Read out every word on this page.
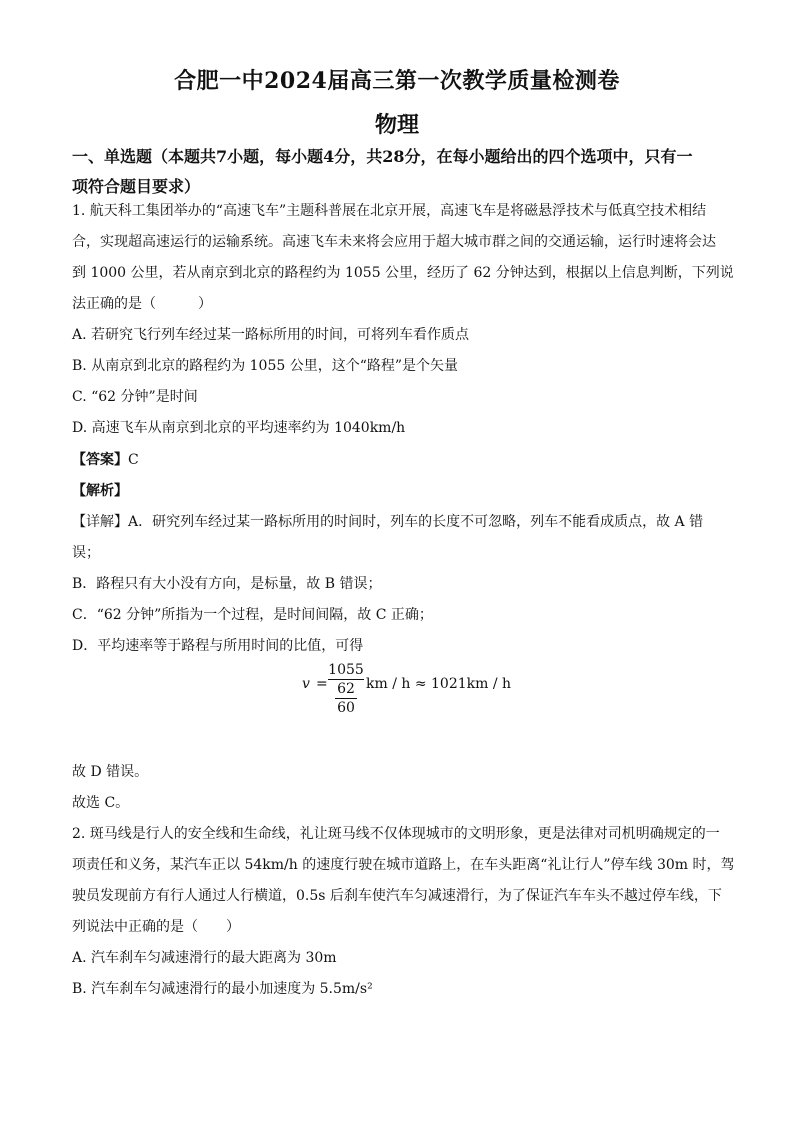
合肥一中2024届高三第一次教学质量检测卷
物理
一、单选题（本题共7小题，每小题4分，共28分，在每小题给出的四个选项中，只有一
项符合题目要求）
1. 航天科工集团举办的“高速飞车”主题科普展在北京开展，高速飞车是将磁悬浮技术与低真空技术相结
合，实现超高速运行的运输系统。高速飞车未来将会应用于超大城市群之间的交通运输，运行时速将会达
到 1000 公里，若从南京到北京的路程约为 1055 公里，经历了 62 分钟达到，根据以上信息判断，下列说
法正确的是（　　　）
A. 若研究飞行列车经过某一路标所用的时间，可将列车看作质点
B. 从南京到北京的路程约为 1055 公里，这个“路程”是个矢量
C. “62 分钟”是时间
D. 高速飞车从南京到北京的平均速率约为 1040km/h
【答案】C
【解析】
【详解】A．研究列车经过某一路标所用的时间时，列车的长度不可忽略，列车不能看成质点，故 A 错
误；
B．路程只有大小没有方向，是标量，故 B 错误；
C．“62 分钟”所指为一个过程，是时间间隔，故 C 正确；
D．平均速率等于路程与所用时间的比值，可得
v =
1055
62
60
km / h ≈ 1021km / h
故 D 错误。
故选 C。
2. 斑马线是行人的安全线和生命线，礼让斑马线不仅体现城市的文明形象，更是法律对司机明确规定的一
项责任和义务，某汽车正以 54km/h 的速度行驶在城市道路上，在车头距离“礼让行人”停车线 30m 时，驾
驶员发现前方有行人通过人行横道，0.5s 后刹车使汽车匀减速滑行，为了保证汽车车头不越过停车线，下
列说法中正确的是（　　）
A. 汽车刹车匀减速滑行的最大距离为 30m
B. 汽车刹车匀减速滑行的最小加速度为 5.5m/s²
